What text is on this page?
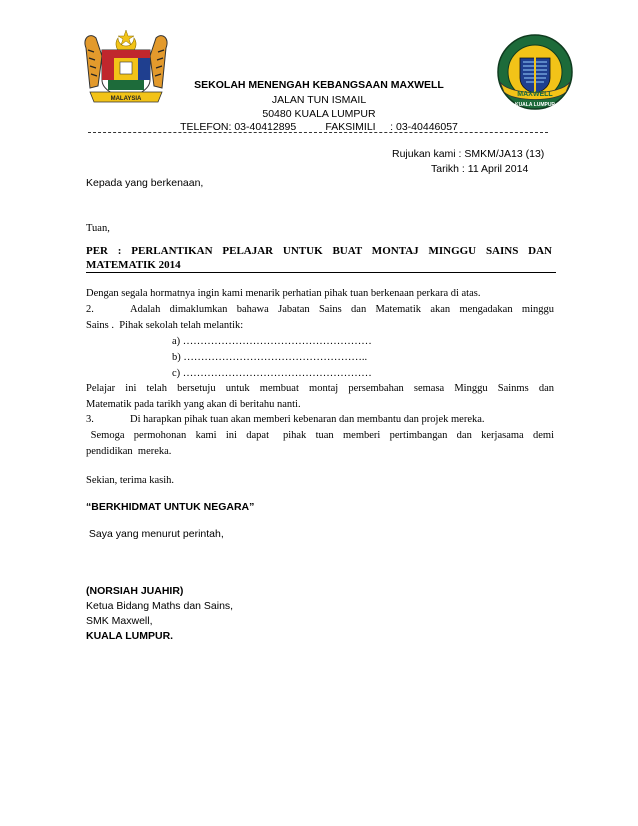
MALAYSIA
MAXWELL
KUALA LUMPUR
SEKOLAH MENENGAH KEBANGSAAN MAXWELL
JALAN TUN ISMAIL
50480 KUALA LUMPUR
TELEFON: 03-40412895          FAKSIMILI     : 03-40446057
Rujukan kami : SMKM/JA13 (13)
Tarikh : 11 April 2014
Kepada yang berkenaan,
Tuan,
PER  :  PERLANTIKAN  PELAJAR  UNTUK  BUAT  MONTAJ  MINGGU  SAINS  DAN
MATEMATIK 2014
Dengan segala hormatnya ingin kami menarik perhatian pihak tuan berkenaan perkara di atas.
2.	Adalah  dimaklumkan  bahawa  Jabatan  Sains  dan  Matematik  akan  mengadakan  minggu
Sains .  Pihak sekolah telah melantik:
a) ………………………………………………
b) ……………………………………………..
c) ………………………………………………
Pelajar  ini  telah  bersetuju  untuk  membuat  montaj  persembahan  semasa  Minggu  Sainms  dan
Matematik pada tarikh yang akan di beritahu nanti.
3.	Di harapkan pihak tuan akan memberi kebenaran dan membantu dan projek mereka.
Semoga  permohonan  kami  ini  dapat   pihak  tuan  memberi  pertimbangan  dan  kerjasama  demi
pendidikan  mereka.
Sekian, terima kasih.
“BERKHIDMAT UNTUK NEGARA”
Saya yang menurut perintah,
(NORSIAH JUAHIR)
Ketua Bidang Maths dan Sains,
SMK Maxwell,
KUALA LUMPUR.
